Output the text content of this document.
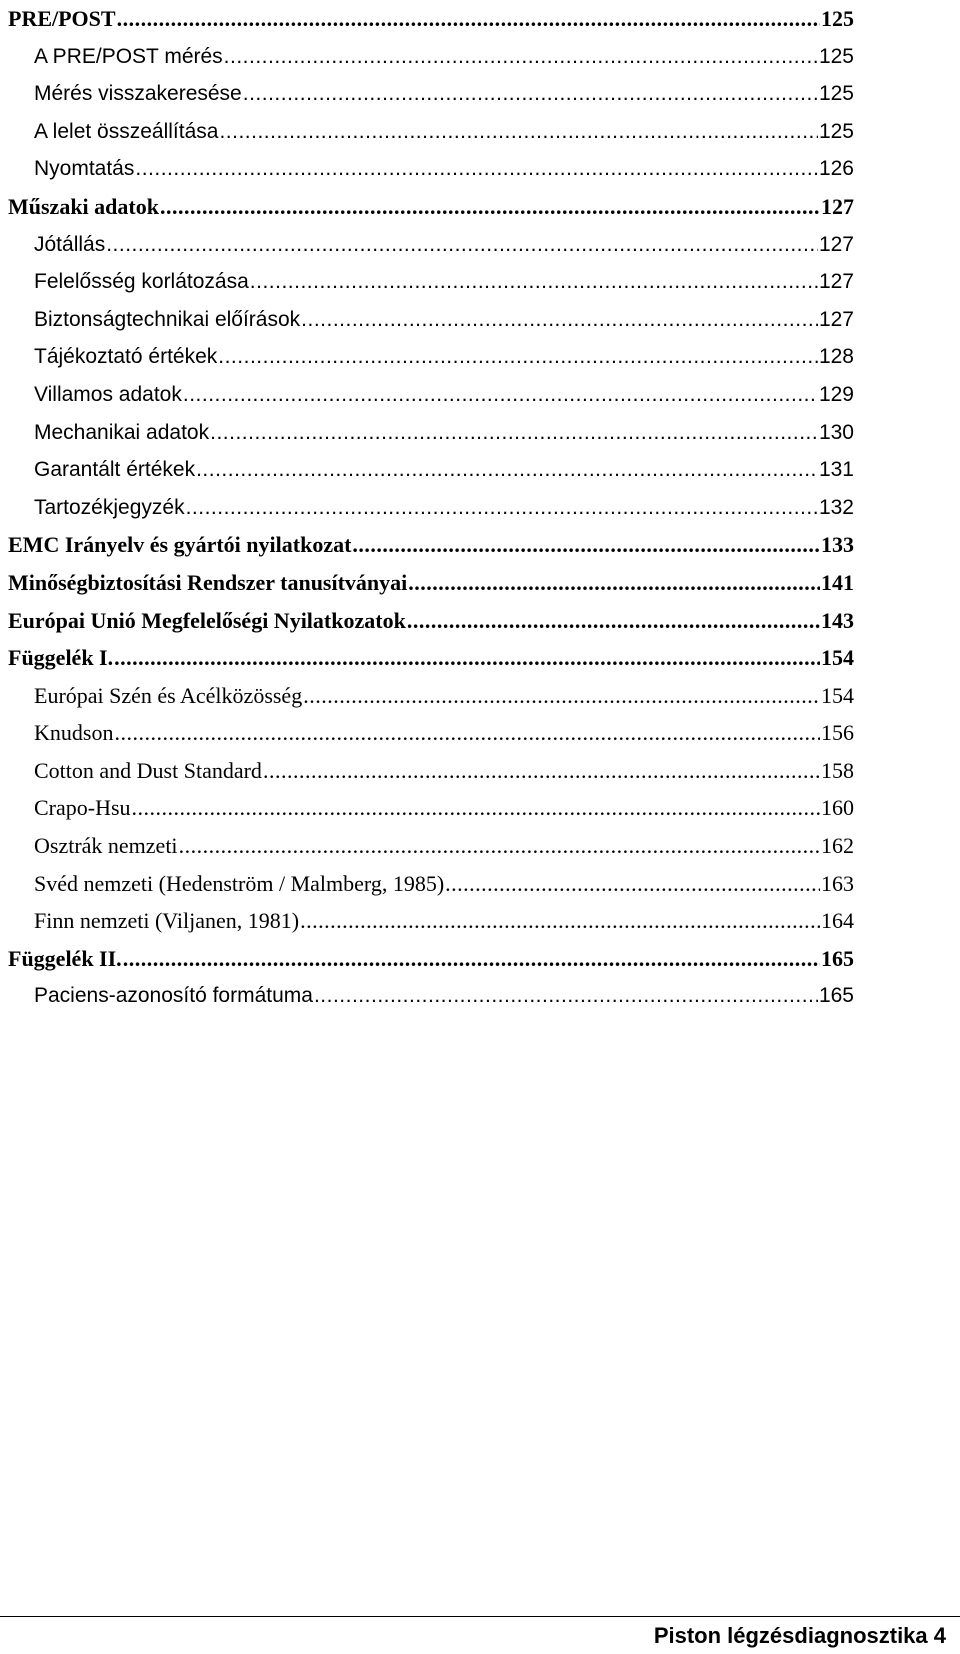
PRE/POST .....	125
A PRE/POST mérés .....	125
Mérés visszakeresése .....	125
A lelet összeállítása .....	125
Nyomtatás .....	126
Műszaki adatok .....	127
Jótállás .....	127
Felelősség korlátozása .....	127
Biztonságtechnikai előírások .....	127
Tájékoztató értékek .....	128
Villamos adatok .....	129
Mechanikai adatok .....	130
Garantált értékek .....	131
Tartozékjegyzék .....	132
EMC Irányelv és gyártói nyilatkozat .....	133
Minőségbiztosítási Rendszer tanusítványai .....	141
Európai Unió Megfelelőségi Nyilatkozatok .....	143
Függelék I. .....	154
Európai Szén és Acélközösség .....	154
Knudson .....	156
Cotton and Dust Standard .....	158
Crapo-Hsu .....	160
Osztrák nemzeti .....	162
Svéd nemzeti (Hedenström / Malmberg, 1985) .....	163
Finn nemzeti (Viljanen, 1981) .....	164
Függelék II. .....	165
Paciens-azonosító formátuma .....	165
Piston légzésdiagnosztika 4
